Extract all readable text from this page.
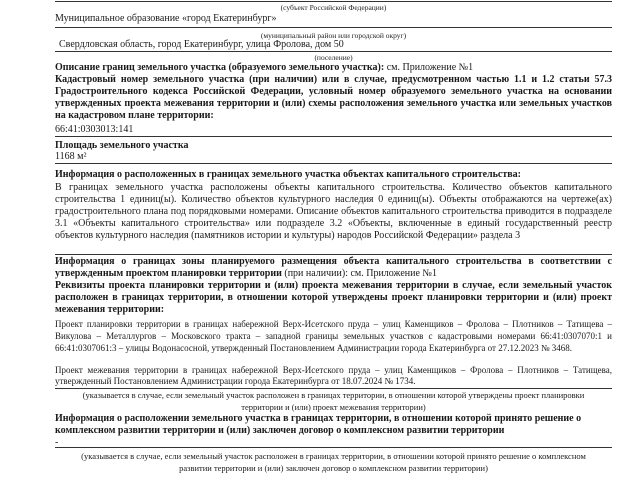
(субъект Российской Федерации)
Муниципальное образование «город Екатеринбург»
(муниципальный район или городской округ)
Свердловская область, город Екатеринбург, улица Фролова, дом 50
(поселение)
Описание границ земельного участка (образуемого земельного участка): см. Приложение №1
Кадастровый номер земельного участка (при наличии) или в случае, предусмотренном частью 1.1 и 1.2 статьи 57.3 Градостроительного кодекса Российской Федерации, условный номер образуемого земельного участка на основании утвержденных проекта межевания территории и (или) схемы расположения земельного участка или земельных участков на кадастровом плане территории:
66:41:0303013:141
Площадь земельного участка
1168 м²
Информация о расположенных в границах земельного участка объектах капитального строительства:
В границах земельного участка расположены объекты капитального строительства. Количество объектов капитального строительства 1 единиц(ы). Количество объектов культурного наследия 0 единиц(ы). Объекты отображаются на чертеже(ах) градостроительного плана под порядковыми номерами. Описание объектов капитального строительства приводится в подразделе 3.1 «Объекты капитального строительства» или подразделе 3.2 «Объекты, включенные в единый государственный реестр объектов культурного наследия (памятников истории и культуры) народов Российской Федерации» раздела 3
Информация о границах зоны планируемого размещения объекта капитального строительства в соответствии с утвержденным проектом планировки территории (при наличии): см. Приложение №1
Реквизиты проекта планировки территории и (или) проекта межевания территории в случае, если земельный участок расположен в границах территории, в отношении которой утверждены проект планировки территории и (или) проект межевания территории:
Проект планировки территории в границах набережной Верх-Исетского пруда – улиц Каменщиков – Фролова – Плотников – Татищева – Викулова – Металлургов – Московского тракта – западной границы земельных участков с кадастровыми номерами 66:41:0307070:1 и 66:41:0307061:3 – улицы Водонасосной, утвержденный Постановлением Администрации города Екатеринбурга от 27.12.2023 № 3468.
Проект межевания территории в границах набережной Верх-Исетского пруда – улиц Каменщиков – Фролова – Плотников – Татищева, утвержденный Постановлением Администрации города Екатеринбурга от 18.07.2024 № 1734.
(указывается в случае, если земельный участок расположен в границах территории, в отношении которой утверждены проект планировки территории и (или) проект межевания территории)
Информация о расположении земельного участка в границах территории, в отношении которой принято решение о комплексном развитии территории и (или) заключен договор о комплексном развитии территории
-
(указывается в случае, если земельный участок расположен в границах территории, в отношении которой принято решение о комплексном развитии территории и (или) заключен договор о комплексном развитии территории)
